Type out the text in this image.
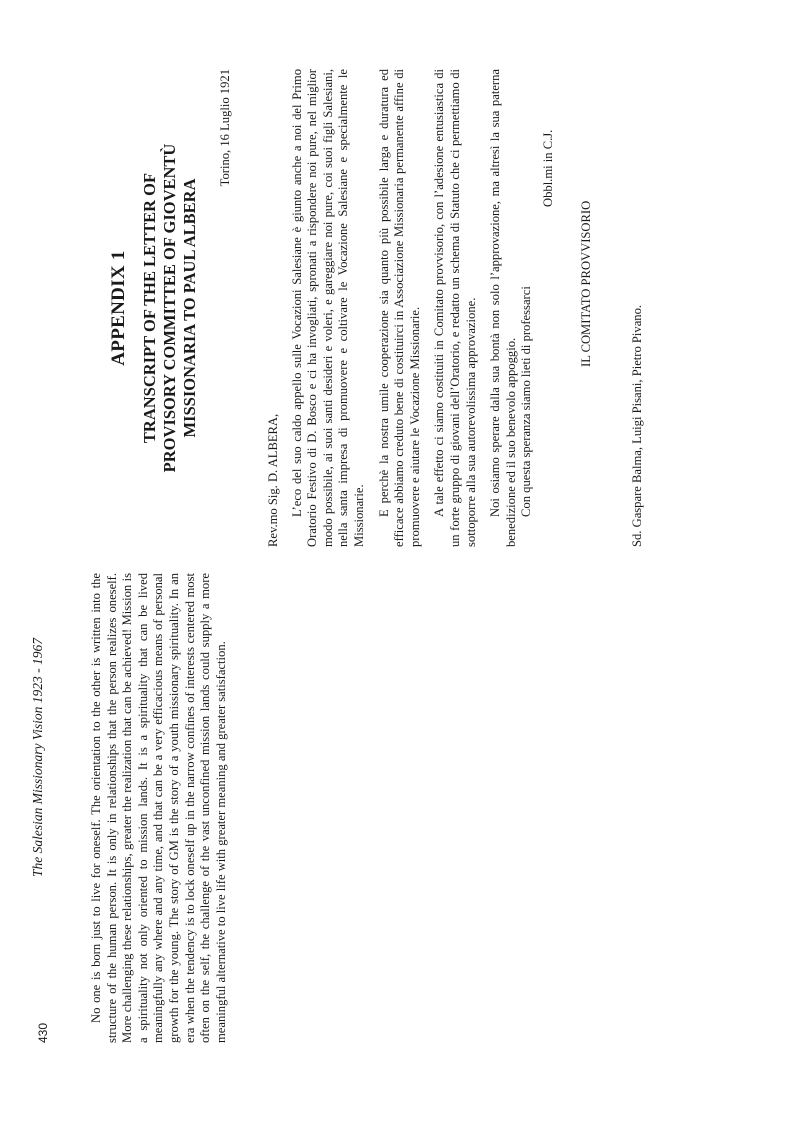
430
The Salesian Missionary Vision 1923 - 1967	No one is born just to live for oneself. The orientation to the other is written into the structure of the human person. It is only in relationships that the person realizes oneself. More challenging these relationships, greater the realization that can be achieved! Mission is a spirituality not only oriented to mission lands. It is a spirituality that can be lived meaningfully any where and any time, and that can be a very efficacious means of personal growth for the young. The story of GM is the story of a youth missionary spirituality. In an era when the tendency is to lock oneself up in the narrow confines of interests centered most often on the self, the challenge of the vast unconfined mission lands could supply a more meaningful alternative to live life with greater meaning and greater satisfaction.

APPENDIX 1 TRANSCRIPT OF THE LETTER OF PROVISORY COMMITTEE OF GIOVENTÙ MISSIONARIA TO PAUL ALBERA
Torino, 16 Luglio 1921

Rev.mo Sig. D. ALBERA, L’eco del suo caldo appello sulle Vocazioni Salesiane è giunto anche a noi del Primo Oratorio Festivo di D. Bosco e ci ha invogliati, spronati a rispondere noi pure, nel miglior modo possibile, ai suoi santi desideri e voleri, e gareggiare noi pure, coi suoi figli Salesiani, nella santa impresa di promuovere e coltivare le Vocazione Salesiane e specialmente le Missionarie. E perchè la nostra umile cooperazione sia quanto più possibile larga e duratura ed efficace abbiamo creduto bene di costituirci in Associazione Missionaria permanente affine di promuovere e aiutare le Vocazione Missionarie. A tale effetto ci siamo costituiti in Comitato provvisorio, con l’adesione entusiastica di un forte gruppo di giovani dell’Oratorio, e redatto un schema di Statuto che ci permettiamo di sottoporre alla sua autorevolissima approvazione. Noi osiamo sperare dalla sua bontà non solo l’approvazione, ma altresì la sua paterna benedizione ed il suo benevolo appoggio. Con questa speranza siamo lieti di professarci

Obbl.mi in C.J.

IL COMITATO PROVVISORIO

Sd. Gaspare Balma, Luigi Pisani, Pietro Pivano.
